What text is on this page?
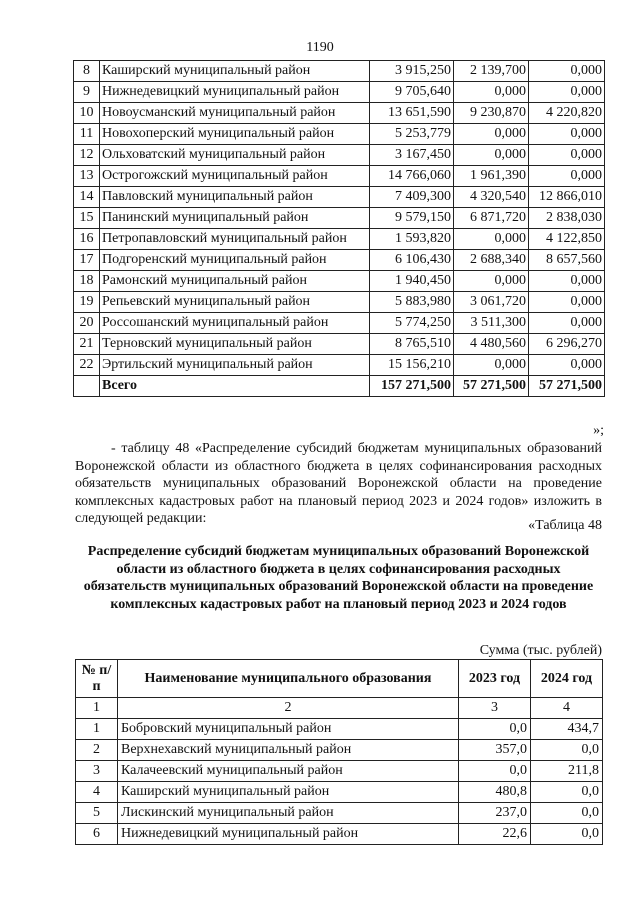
1190
8	Каширский муниципальный район	3 915,250	2 139,700	0,000
9	Нижнедевицкий муниципальный район	9 705,640	0,000	0,000
10	Новоусманский муниципальный район	13 651,590	9 230,870	4 220,820
11	Новохоперский муниципальный район	5 253,779	0,000	0,000
12	Ольховатский муниципальный район	3 167,450	0,000	0,000
13	Острогожский муниципальный район	14 766,060	1 961,390	0,000
14	Павловский муниципальный район	7 409,300	4 320,540	12 866,010
15	Панинский муниципальный район	9 579,150	6 871,720	2 838,030
16	Петропавловский муниципальный район	1 593,820	0,000	4 122,850
17	Подгоренский муниципальный район	6 106,430	2 688,340	8 657,560
18	Рамонский муниципальный район	1 940,450	0,000	0,000
19	Репьевский муниципальный район	5 883,980	3 061,720	0,000
20	Россошанский муниципальный район	5 774,250	3 511,300	0,000
21	Терновский муниципальный район	8 765,510	4 480,560	6 296,270
22	Эртильский муниципальный район	15 156,210	0,000	0,000
	Всего	157 271,500	57 271,500	57 271,500
»;

- таблицу 48 «Распределение субсидий бюджетам муниципальных образований Воронежской области из областного бюджета в целях софинансирования расходных обязательств муниципальных образований Воронежской области на проведение комплексных кадастровых работ на плановый период 2023 и 2024 годов» изложить в следующей редакции:	«Таблица 48

Распределение субсидий бюджетам муниципальных образований Воронежской области из областного бюджета в целях софинансирования расходных обязательств муниципальных образований Воронежской области на проведение комплексных кадастровых работ на плановый период 2023 и 2024 годов

Сумма (тыс. рублей)
№ п/п	Наименование муниципального образования	2023 год	2024 год
1	2	3	4
1	Бобровский муниципальный район	0,0	434,7
2	Верхнехавский муниципальный район	357,0	0,0
3	Калачеевский муниципальный район	0,0	211,8
4	Каширский муниципальный район	480,8	0,0
5	Лискинский муниципальный район	237,0	0,0
6	Нижнедевицкий муниципальный район	22,6	0,0
